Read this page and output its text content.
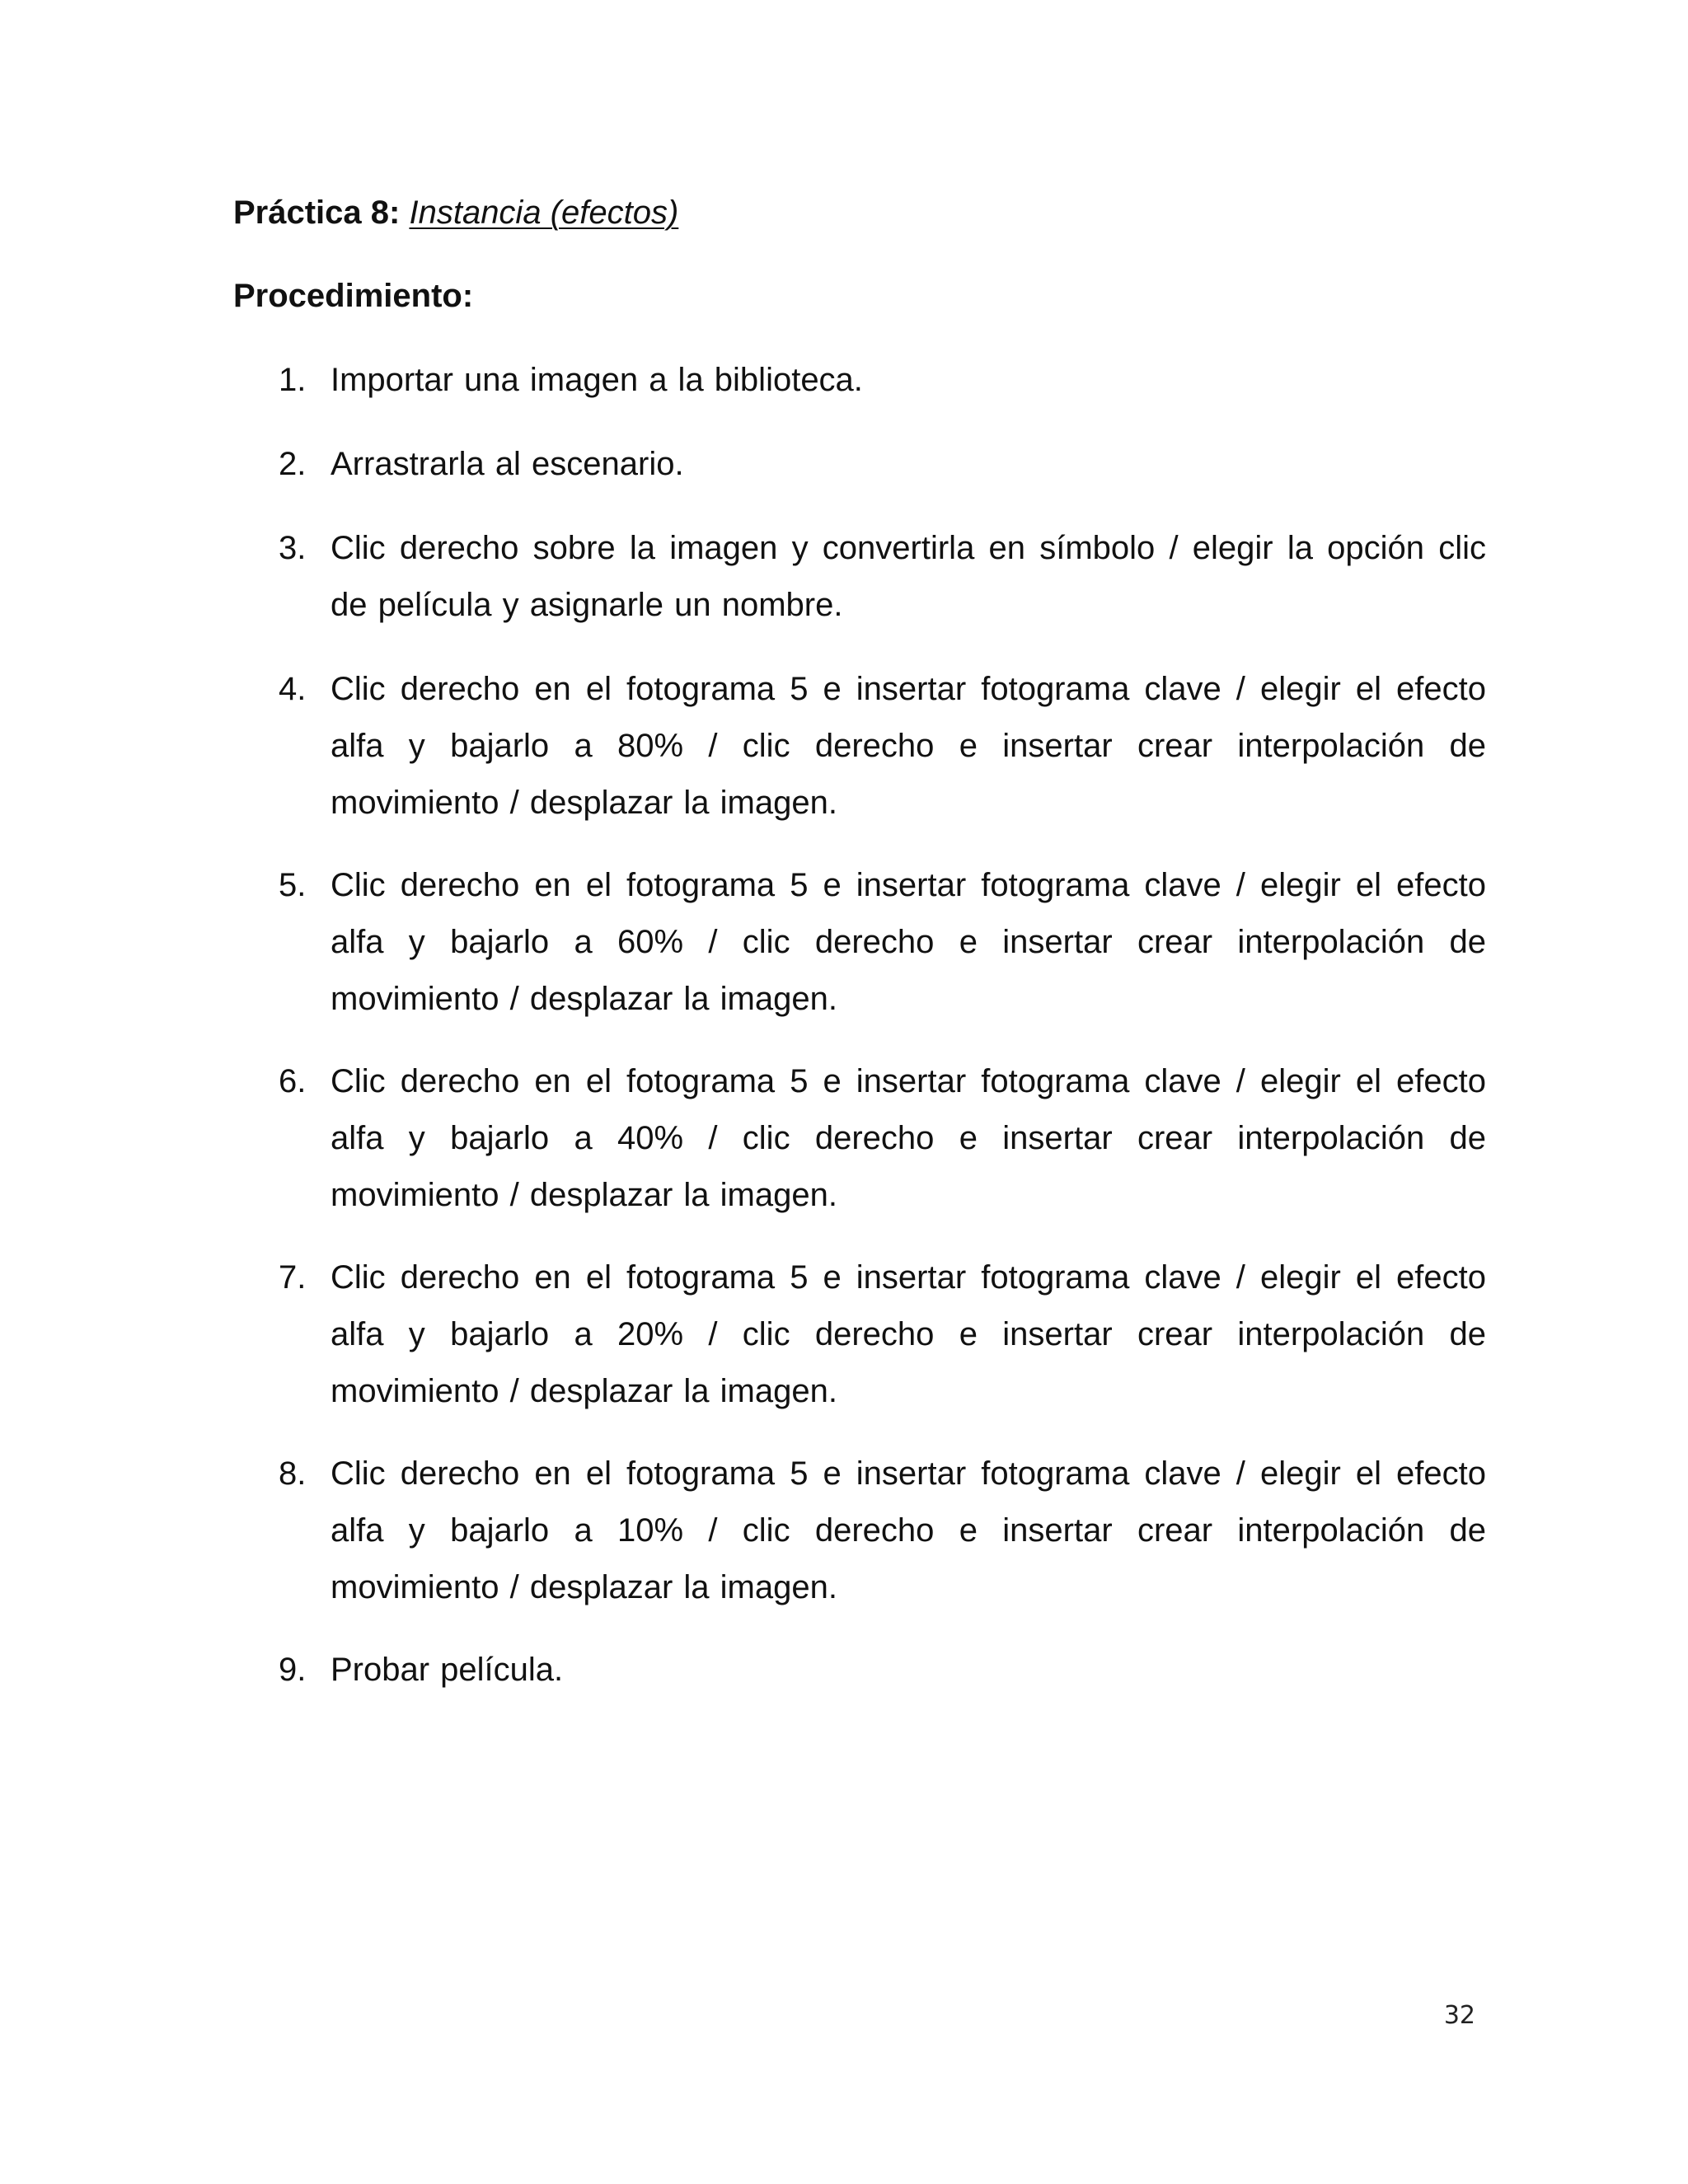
Práctica 8: Instancia (efectos)
Procedimiento:
1. Importar una imagen a la biblioteca.
2. Arrastrarla al escenario.
3. Clic derecho sobre la imagen y convertirla en símbolo / elegir la opción clic de película y asignarle un nombre.
4. Clic derecho en el fotograma 5 e insertar fotograma clave / elegir el efecto alfa y bajarlo a 80% / clic derecho e insertar crear interpolación de movimiento / desplazar la imagen.
5. Clic derecho en el fotograma 5 e insertar fotograma clave / elegir el efecto alfa y bajarlo a 60% / clic derecho e insertar crear interpolación de movimiento / desplazar la imagen.
6. Clic derecho en el fotograma 5 e insertar fotograma clave / elegir el efecto alfa y bajarlo a 40% / clic derecho e insertar crear interpolación de movimiento / desplazar la imagen.
7. Clic derecho en el fotograma 5 e insertar fotograma clave / elegir el efecto alfa y bajarlo a 20% / clic derecho e insertar crear interpolación de movimiento / desplazar la imagen.
8. Clic derecho en el fotograma 5 e insertar fotograma clave / elegir el efecto alfa y bajarlo a 10% / clic derecho e insertar crear interpolación de movimiento / desplazar la imagen.
9. Probar película.
32
